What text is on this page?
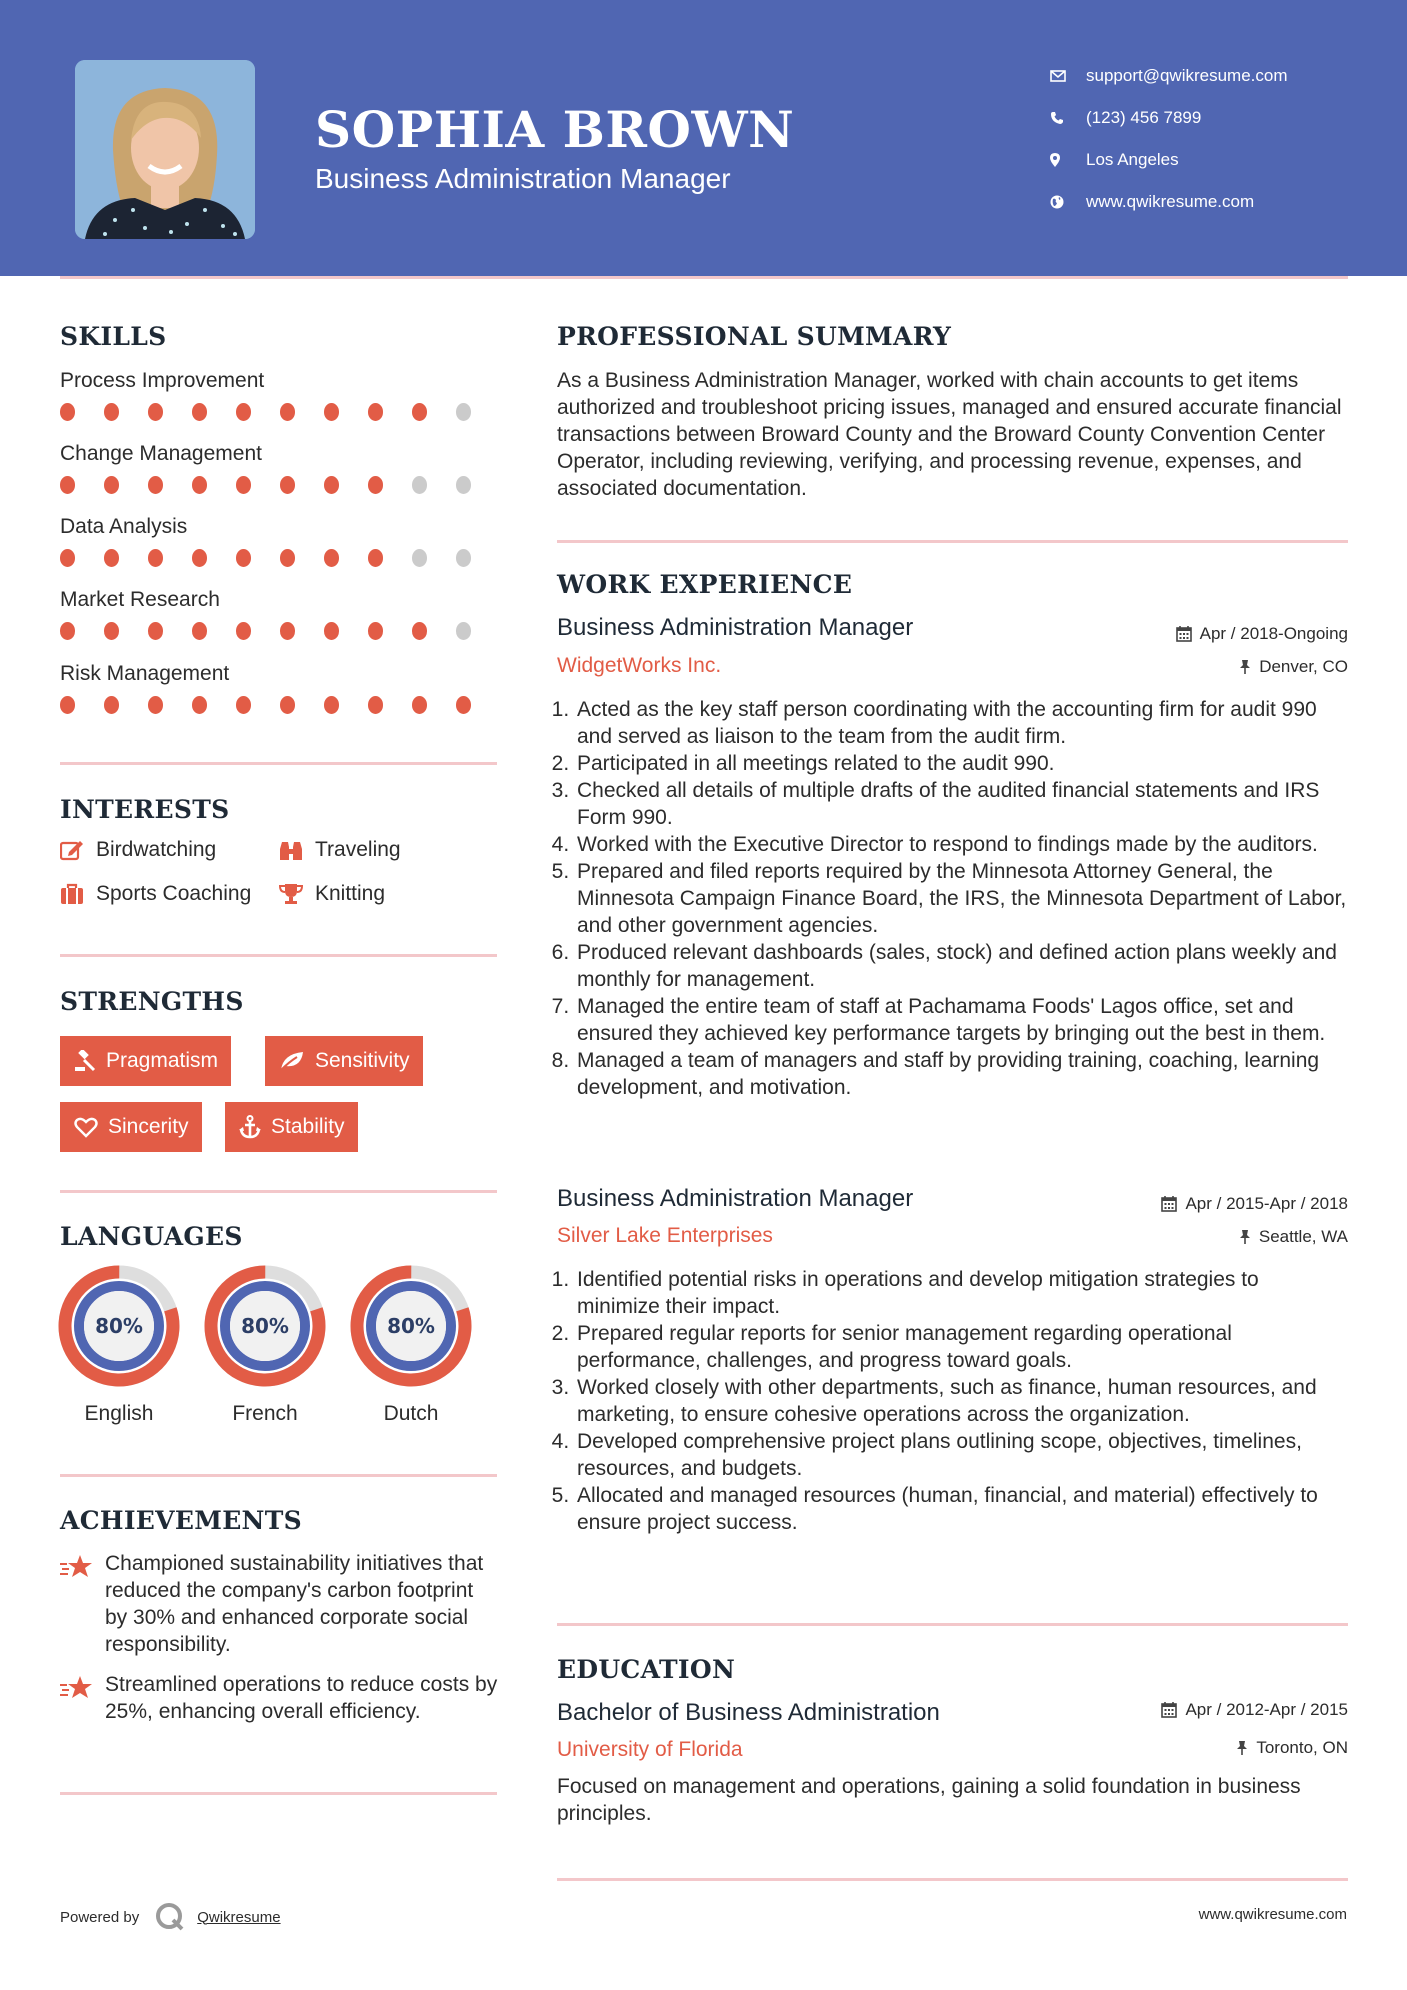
SOPHIA BROWN
Business Administration Manager
support@qwikresume.com
(123) 456 7899
Los Angeles
www.qwikresume.com
SKILLS
Process Improvement
Change Management
Data Analysis
Market Research
Risk Management
INTERESTS
Birdwatching	Traveling
Sports Coaching	Knitting
STRENGTHS
Pragmatism	Sensitivity
Sincerity	Stability
LANGUAGES
80%
English
80%
French
80%
Dutch
ACHIEVEMENTS
Championed sustainability initiatives that reduced the company's carbon footprint by 30% and enhanced corporate social responsibility.
Streamlined operations to reduce costs by 25%, enhancing overall efficiency.
PROFESSIONAL SUMMARY
As a Business Administration Manager, worked with chain accounts to get items authorized and troubleshoot pricing issues, managed and ensured accurate financial transactions between Broward County and the Broward County Convention Center Operator, including reviewing, verifying, and processing revenue, expenses, and associated documentation.
WORK EXPERIENCE
Business Administration Manager
WidgetWorks Inc.
Apr / 2018-Ongoing
Denver, CO
1. Acted as the key staff person coordinating with the accounting firm for audit 990 and served as liaison to the team from the audit firm.
2. Participated in all meetings related to the audit 990.
3. Checked all details of multiple drafts of the audited financial statements and IRS Form 990.
4. Worked with the Executive Director to respond to findings made by the auditors.
5. Prepared and filed reports required by the Minnesota Attorney General, the Minnesota Campaign Finance Board, the IRS, the Minnesota Department of Labor, and other government agencies.
6. Produced relevant dashboards (sales, stock) and defined action plans weekly and monthly for management.
7. Managed the entire team of staff at Pachamama Foods' Lagos office, set and ensured they achieved key performance targets by bringing out the best in them.
8. Managed a team of managers and staff by providing training, coaching, learning development, and motivation.
Business Administration Manager
Silver Lake Enterprises
Apr / 2015-Apr / 2018
Seattle, WA
1. Identified potential risks in operations and develop mitigation strategies to minimize their impact.
2. Prepared regular reports for senior management regarding operational performance, challenges, and progress toward goals.
3. Worked closely with other departments, such as finance, human resources, and marketing, to ensure cohesive operations across the organization.
4. Developed comprehensive project plans outlining scope, objectives, timelines, resources, and budgets.
5. Allocated and managed resources (human, financial, and material) effectively to ensure project success.
EDUCATION
Bachelor of Business Administration
University of Florida
Apr / 2012-Apr / 2015
Toronto, ON
Focused on management and operations, gaining a solid foundation in business principles.
Powered by	Qwikresume	www.qwikresume.com
